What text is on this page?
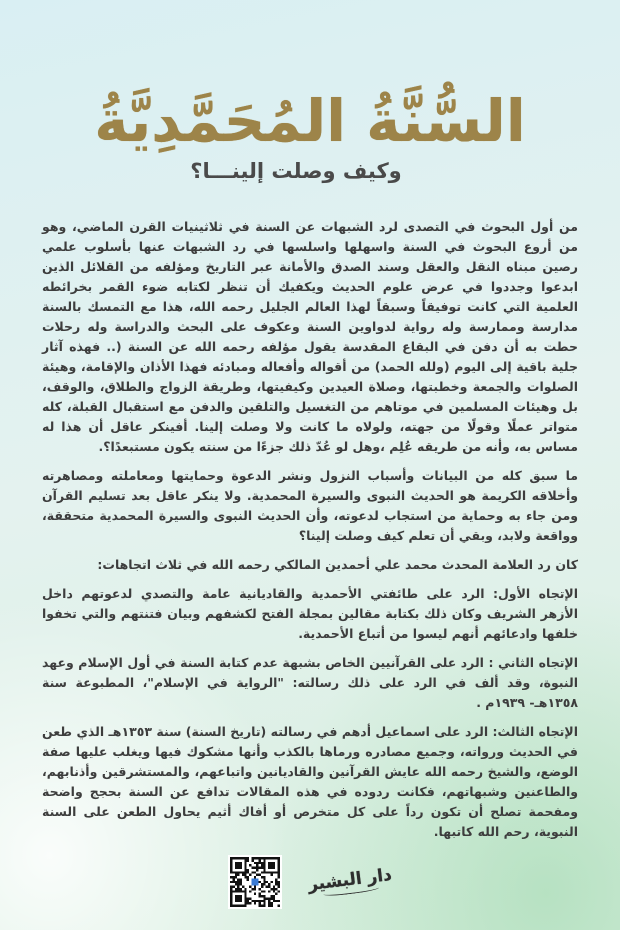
السُّنَّةُ المُحَمَّدِيَّةُ
وكيف وصلت إلينـــا؟

من أول البحوث في التصدى لرد الشبهات عن السنة في ثلاثينيات القرن الماضي، وهو من أروع البحوث في السنة واسهلها واسلسها في رد الشبهات عنها بأسلوب علمي رصين مبناه النقل والعقل وسند الصدق والأمانة عبر التاريخ ومؤلفه من القلائل الذين ابدعوا وجددوا في عرض علوم الحديث ويكفيك أن تنظر لكتابه ضوء القمر بخرائطه العلمية التي كانت توفيقاً وسبقاً لهذا العالم الجليل رحمه الله، هذا مع التمسك بالسنة مدارسة وممارسة وله رواية لدواوين السنة وعكوف على البحث والدراسة وله رحلات حطت به أن دفن في البقاع المقدسة يقول مؤلفه رحمه الله عن السنة (.. فهذه آثار جلية باقية إلى اليوم (ولله الحمد) من أقواله وأفعاله ومبادئه فهذا الأذان والإقامة، وهيئة الصلوات والجمعة وخطبتها، وصلاة العيدين وكيفيتها، وطريقة الزواج والطلاق، والوقف، بل وهيئات المسلمين في موتاهم من التغسيل والتلقين والدفن مع استقبال القبلة، كله متواتر عملًا وقولًا من جهته، ولولاه ما كانت ولا وصلت إلينا. أفينكر عاقل أن هذا له مساس به، وأنه من طريقه عُلِم ،وهل لو عُدّ ذلك جزءًا من سنته يكون مستبعدًا؟.

ما سبق كله من البيانات وأسباب النزول ونشر الدعوة وحمايتها ومعاملته ومصاهرته وأخلاقه الكريمة هو الحديث النبوى والسيرة المحمدية. ولا ينكر عاقل بعد تسليم القرآن ومن جاء به وحماية من استجاب لدعوته، وأن الحديث النبوى والسيرة المحمدية متحققة، وواقعة ولابد، وبقي أن تعلم كيف وصلت إلينا؟

كان رد العلامة المحدث محمد علي أحمدين المالكي رحمه الله في ثلاث اتجاهات:

الإتجاه الأول: الرد على طائفتي الأحمدية والقاديانية عامة والتصدي لدعوتهم داخل الأزهر الشريف وكان ذلك بكتابة مقالين بمجلة الفتح لكشفهم وبيان فتنتهم والتي تخفوا خلفها وادعائهم أنهم ليسوا من أتباع الأحمدية.

الإتجاه الثاني : الرد على القرآنيين الخاص بشبهة عدم كتابة السنة في أول الإسلام وعهد النبوة، وقد ألف في الرد على ذلك رسالته: "الرواية في الإسلام"، المطبوعة سنة ١٣٥٨هـ- ١٩٣٩م .

الإتجاه الثالث: الرد على اسماعيل أدهم في رسالته (تاريخ السنة) سنة ١٣٥٣هـ الذي طعن في الحديث ورواته، وجميع مصادره ورماها بالكذب وأنها مشكوك فيها ويغلب عليها صفة الوضع، والشيخ رحمه الله عايش القرآنين والقاديانين واتباعهم، والمستشرقين وأذنابهم، والطاعنين وشبهاتهم، فكانت ردوده في هذه المقالات تدافع عن السنة بحجج واضحة ومفحمة تصلح أن تكون رداً على كل متخرص أو أفاك أثيم يحاول الطعن على السنة النبوية، رحم الله كاتبها.

دار البشير
